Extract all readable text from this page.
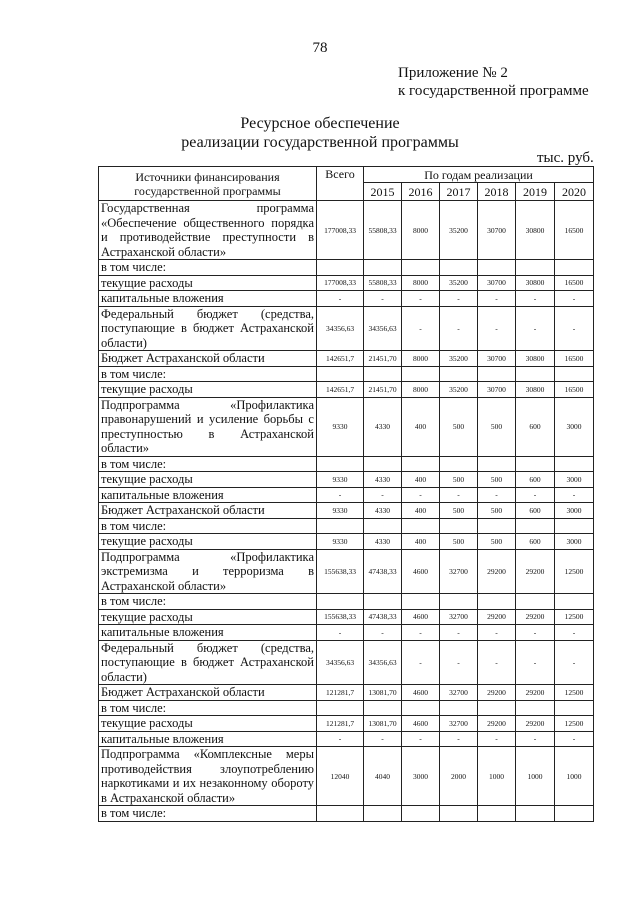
78
Приложение № 2
к государственной программе
Ресурсное обеспечение
реализации государственной программы
тыс. руб.
Источники финансирования государственной программы	Всего	По годам реализации					
		2015	2016	2017	2018	2019	2020
Государственная программа «Обеспечение общественного порядка и противодействие преступности в Астраханской области»	177008,33	55808,33	8000	35200	30700	30800	16500
в том числе:							
текущие расходы	177008,33	55808,33	8000	35200	30700	30800	16500
капитальные вложения	-	-	-	-	-	-	-
Федеральный бюджет (средства, поступающие в бюджет Астраханской области)	34356,63	34356,63	-	-	-	-	-
Бюджет Астраханской области	142651,7	21451,70	8000	35200	30700	30800	16500
в том числе:							
текущие расходы	142651,7	21451,70	8000	35200	30700	30800	16500
Подпрограмма «Профилактика правонарушений и усиление борьбы с преступностью в Астраханской области»	9330	4330	400	500	500	600	3000
в том числе:							
текущие расходы	9330	4330	400	500	500	600	3000
капитальные вложения	-	-	-	-	-	-	-
Бюджет Астраханской области	9330	4330	400	500	500	600	3000
в том числе:							
текущие расходы	9330	4330	400	500	500	600	3000
Подпрограмма «Профилактика экстремизма и терроризма в Астраханской области»	155638,33	47438,33	4600	32700	29200	29200	12500
в том числе:							
текущие расходы	155638,33	47438,33	4600	32700	29200	29200	12500
капитальные вложения	-	-	-	-	-	-	-
Федеральный бюджет (средства, поступающие в бюджет Астраханской области)	34356,63	34356,63	-	-	-	-	-
Бюджет Астраханской области	121281,7	13081,70	4600	32700	29200	29200	12500
в том числе:							
текущие расходы	121281,7	13081,70	4600	32700	29200	29200	12500
капитальные вложения	-	-	-	-	-	-	-
Подпрограмма «Комплексные меры противодействия злоупотреблению наркотиками и их незаконному обороту в Астраханской области»	12040	4040	3000	2000	1000	1000	1000
в том числе:							
